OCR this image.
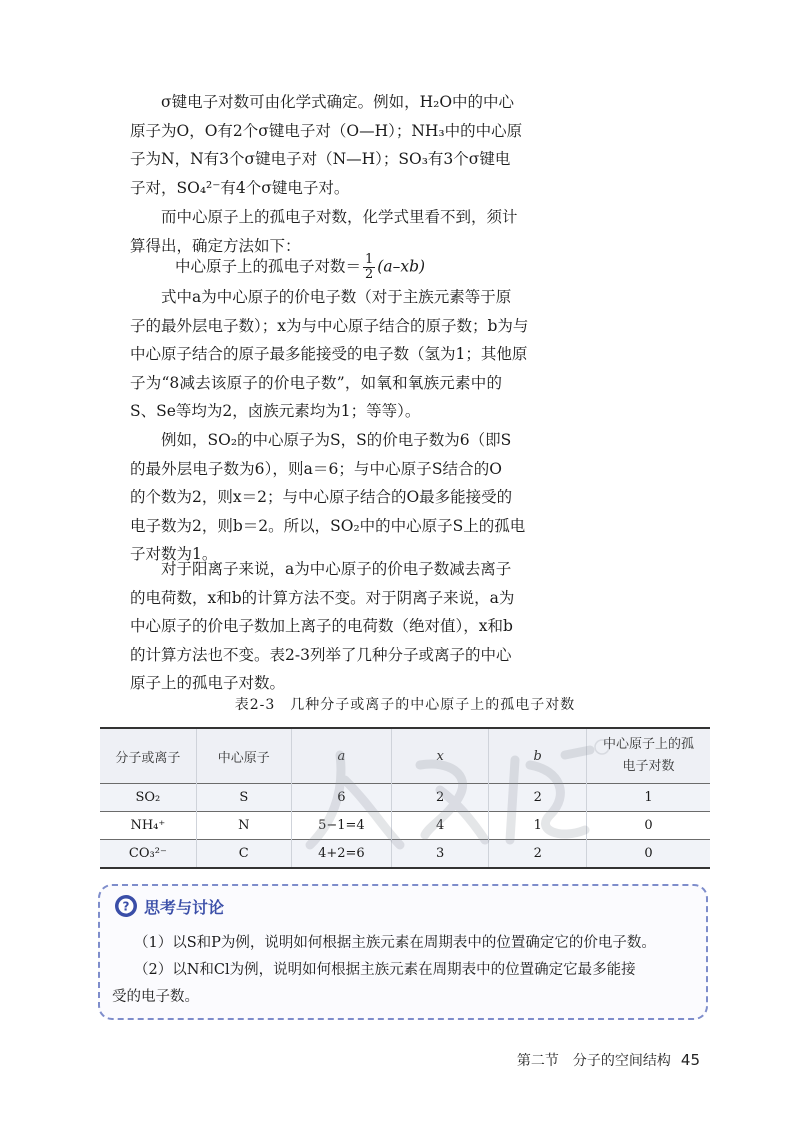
σ键电子对数可由化学式确定。例如，H₂O中的中心
原子为O，O有2个σ键电子对（O—H）；NH₃中的中心原
子为N，N有3个σ键电子对（N—H）；SO₃有3个σ键电
子对，SO₄²⁻有4个σ键电子对。

而中心原子上的孤电子对数，化学式里看不到，须计
算得出，确定方法如下：

中心原子上的孤电子对数＝ $\frac{1}{2} (a-xb)$

式中a为中心原子的价电子数（对于主族元素等于原
子的最外层电子数）；x为与中心原子结合的原子数；b为与
中心原子结合的原子最多能接受的电子数（氢为1；其他原
子为“8减去该原子的价电子数”，如氧和氧族元素中的
S、Se等均为2，卤族元素均为1；等等）。

例如，SO₂的中心原子为S，S的价电子数为6（即S
的最外层电子数为6），则a＝6；与中心原子S结合的O
的个数为2，则x＝2；与中心原子结合的O最多能接受的
电子数为2，则b＝2。所以，SO₂中的中心原子S上的孤电
子对数为1。

对于阳离子来说，a为中心原子的价电子数减去离子
的电荷数，x和b的计算方法不变。对于阴离子来说，a为
中心原子的价电子数加上离子的电荷数（绝对值），x和b
的计算方法也不变。表2-3列举了几种分子或离子的中心
原子上的孤电子对数。

表2-3　几种分子或离子的中心原子上的孤电子对数
分子或离子	中心原子	a	x	b	中心原子上的孤电子对数
SO₂	S	6	2	2	1
NH₄⁺	N	5−1=4	4	1	0
CO₃²⁻	C	4+2=6	3	2	0
? 思考与讨论

（1）以S和P为例，说明如何根据主族元素在周期表中的位置确定它的价电子数。

（2）以N和Cl为例，说明如何根据主族元素在周期表中的位置确定它最多能接

受的电子数。

第二节　分子的空间结构 45
